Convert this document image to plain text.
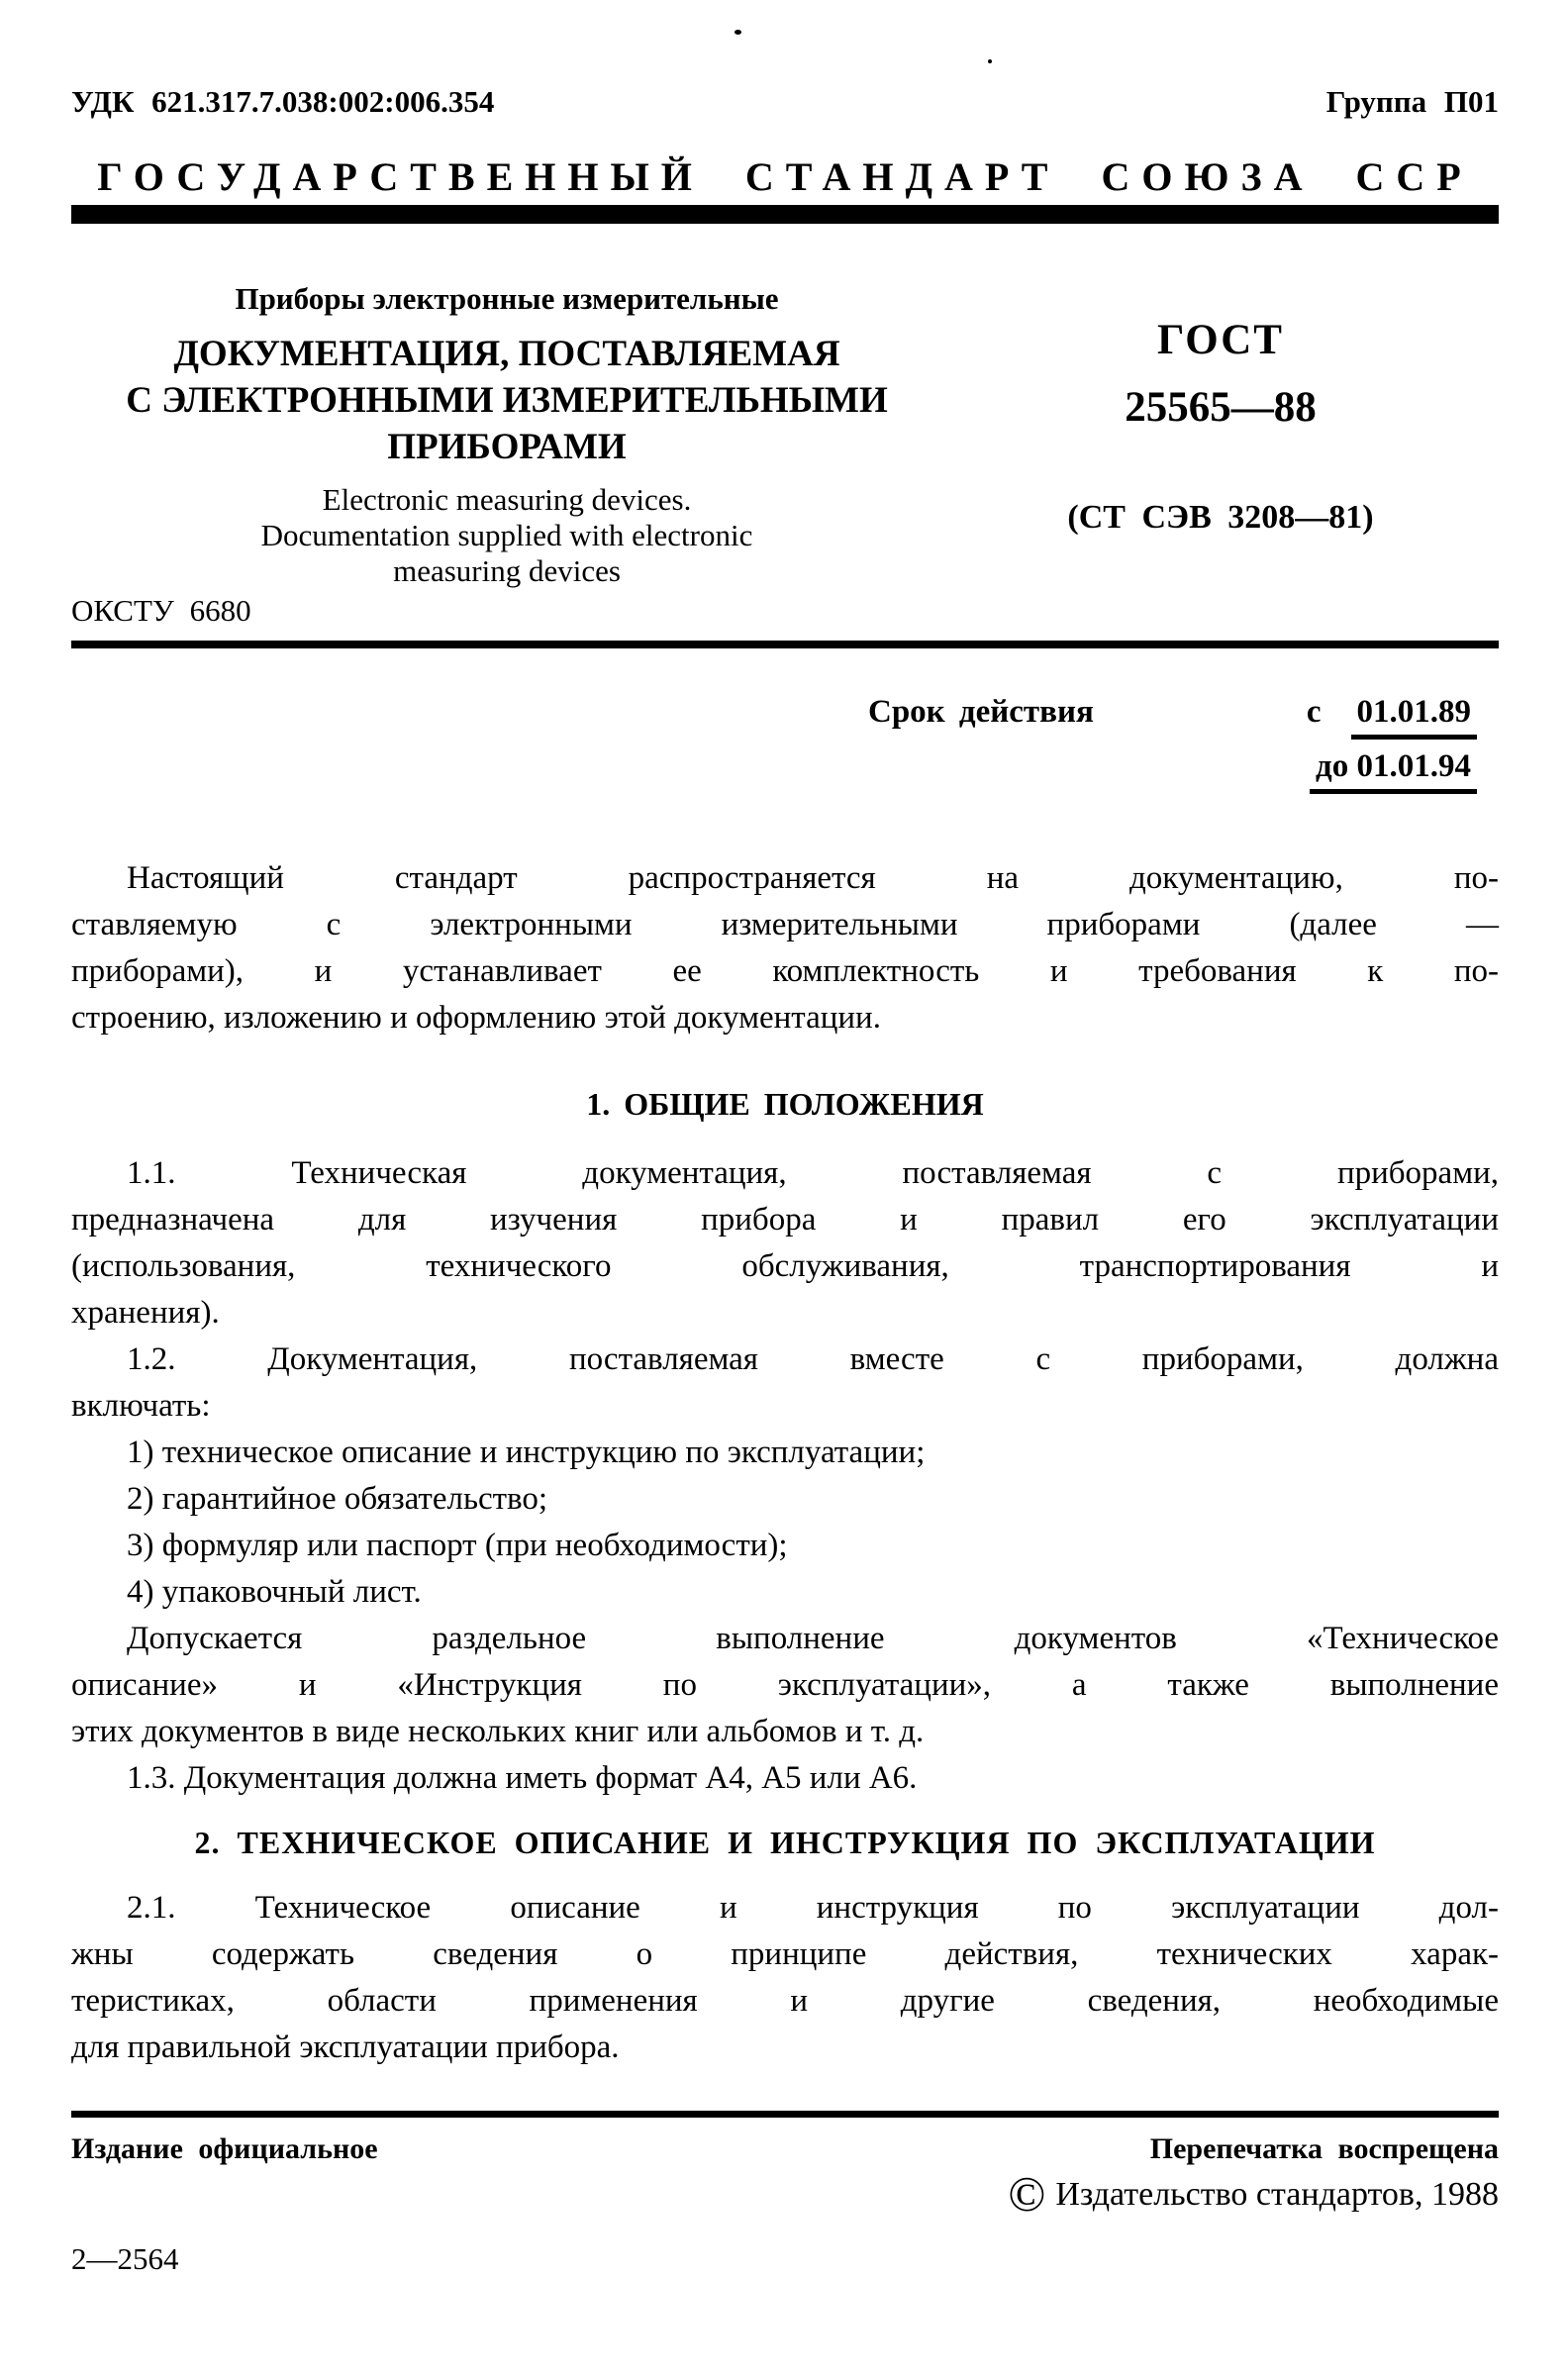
УДК 621.317.7.038:002:006.354	Группа П01
ГОСУДАРСТВЕННЫЙ СТАНДАРТ СОЮЗА ССР
Приборы электронные измерительные
ДОКУМЕНТАЦИЯ, ПОСТАВЛЯЕМАЯ
С ЭЛЕКТРОННЫМИ ИЗМЕРИТЕЛЬНЫМИ
ПРИБОРАМИ
Electronic measuring devices.
Documentation supplied with electronic
measuring devices
ГОСТ
25565—88
(СТ СЭВ 3208—81)
ОКСТУ 6680
Срок действия	с 01.01.89
до 01.01.94
Настоящий стандарт распространяется на документацию, по-
ставляемую с электронными измерительными приборами (далее —
приборами), и устанавливает ее комплектность и требования к по-
строению, изложению и оформлению этой документации.
1. ОБЩИЕ ПОЛОЖЕНИЯ
1.1. Техническая документация, поставляемая с приборами,
предназначена для изучения прибора и правил его эксплуатации
(использования, технического обслуживания, транспортирования и
хранения).
1.2. Документация, поставляемая вместе с приборами, должна
включать:
1) техническое описание и инструкцию по эксплуатации;
2) гарантийное обязательство;
3) формуляр или паспорт (при необходимости);
4) упаковочный лист.
Допускается раздельное выполнение документов «Техническое
описание» и «Инструкция по эксплуатации», а также выполнение
этих документов в виде нескольких книг или альбомов и т. д.
1.3. Документация должна иметь формат А4, А5 или А6.
2. ТЕХНИЧЕСКОЕ ОПИСАНИЕ И ИНСТРУКЦИЯ ПО ЭКСПЛУАТАЦИИ
2.1. Техническое описание и инструкция по эксплуатации дол-
жны содержать сведения о принципе действия, технических харак-
теристиках, области применения и другие сведения, необходимые
для правильной эксплуатации прибора.
Издание официальное	Перепечатка воспрещена
© Издательство стандартов, 1988
2—2564
